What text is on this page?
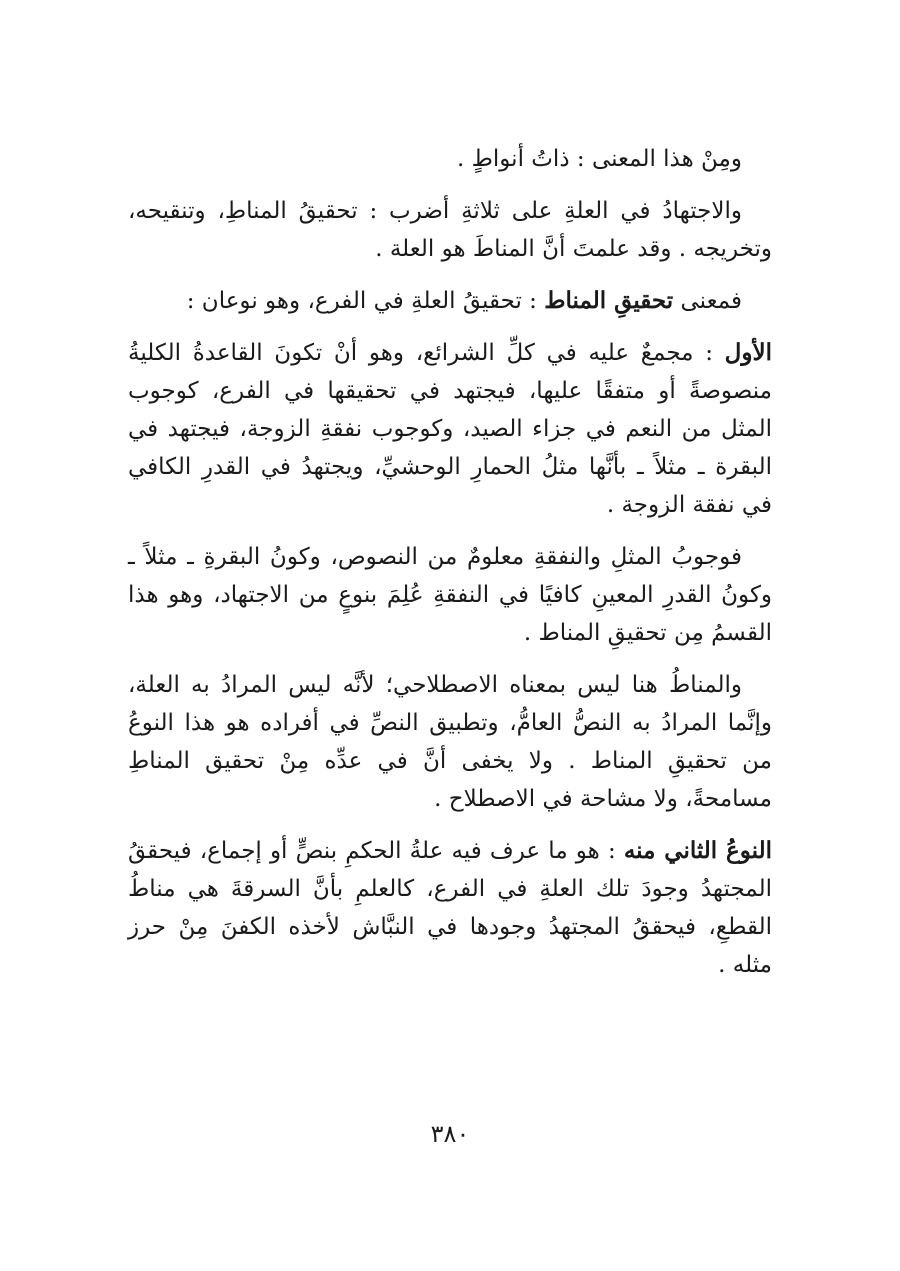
ومِنْ هذا المعنى : ذاتُ أنواطٍ .

والاجتهادُ في العلةِ على ثلاثةِ أضرب : تحقيقُ المناطِ، وتنقيحه، وتخريجه . وقد علمتَ أنَّ المناطَ هو العلة .

فمعنى تحقيقِ المناط : تحقيقُ العلةِ في الفرع، وهو نوعان :

الأول : مجمعٌ عليه في كلِّ الشرائع، وهو أنْ تكونَ القاعدةُ الكليةُ منصوصةً أو متفقًا عليها، فيجتهد في تحقيقها في الفرع، كوجوب المثل من النعم في جزاء الصيد، وكوجوب نفقةِ الزوجة، فيجتهد في البقرة ـ مثلاً ـ بأنَّها مثلُ الحمارِ الوحشيِّ، ويجتهدُ في القدرِ الكافي في نفقة الزوجة .

فوجوبُ المثلِ والنفقةِ معلومٌ من النصوص، وكونُ البقرةِ ـ مثلاً ـ وكونُ القدرِ المعينِ كافيًا في النفقةِ عُلِمَ بنوعٍ من الاجتهاد، وهو هذا القسمُ مِن تحقيقِ المناط .

والمناطُ هنا ليس بمعناه الاصطلاحي؛ لأنَّه ليس المرادُ به العلة، وإنَّما المرادُ به النصُّ العامُّ، وتطبيق النصِّ في أفراده هو هذا النوعُ من تحقيقِ المناط . ولا يخفى أنَّ في عدِّه مِنْ تحقيق المناطِ مسامحةً، ولا مشاحة في الاصطلاح .

النوعُ الثاني منه : هو ما عرف فيه علةُ الحكمِ بنصٍّ أو إجماع، فيحققُ المجتهدُ وجودَ تلك العلةِ في الفرع، كالعلمِ بأنَّ السرقةَ هي مناطُ القطعِ، فيحققُ المجتهدُ وجودها في النبَّاش لأخذه الكفنَ مِنْ حرز مثله .

٣٨٠
